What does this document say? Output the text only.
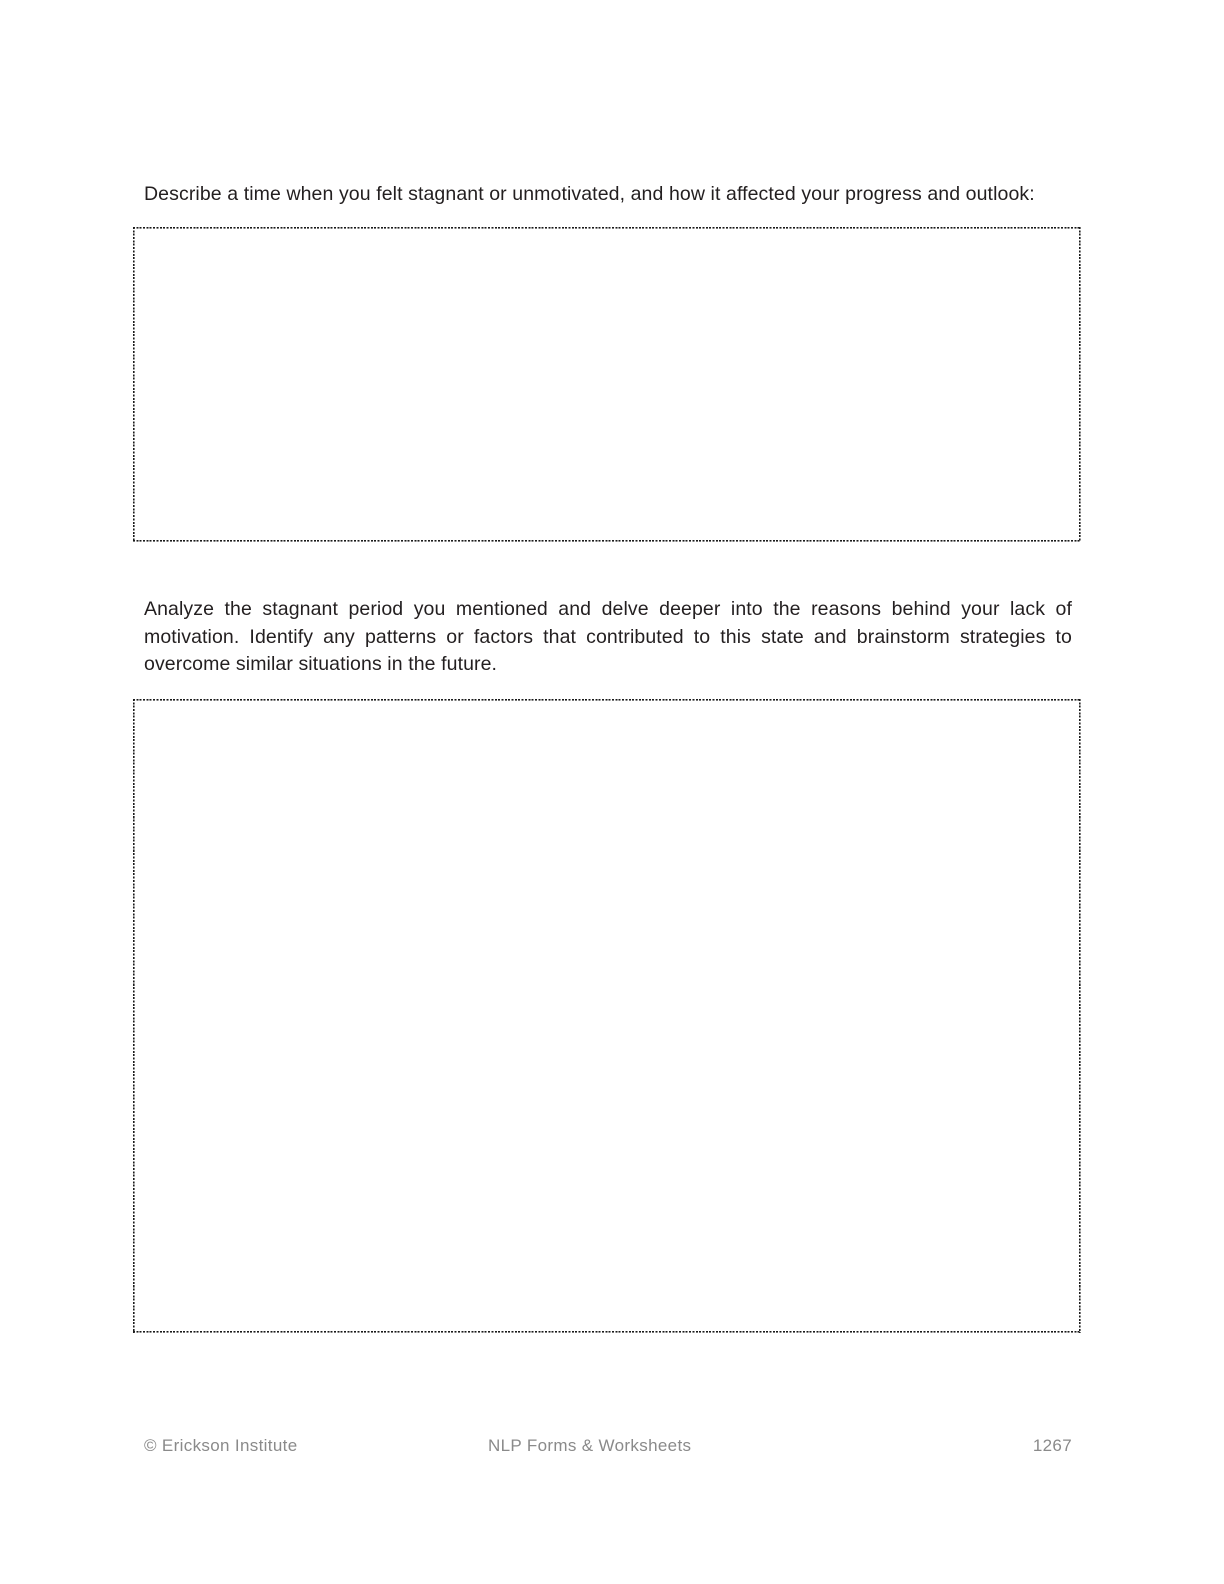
Describe a time when you felt stagnant or unmotivated, and how it affected your progress and outlook:

Analyze the stagnant period you mentioned and delve deeper into the reasons behind your lack of motivation. Identify any patterns or factors that contributed to this state and brainstorm strategies to overcome similar situations in the future.

© Erickson Institute	NLP Forms & Worksheets	1267
